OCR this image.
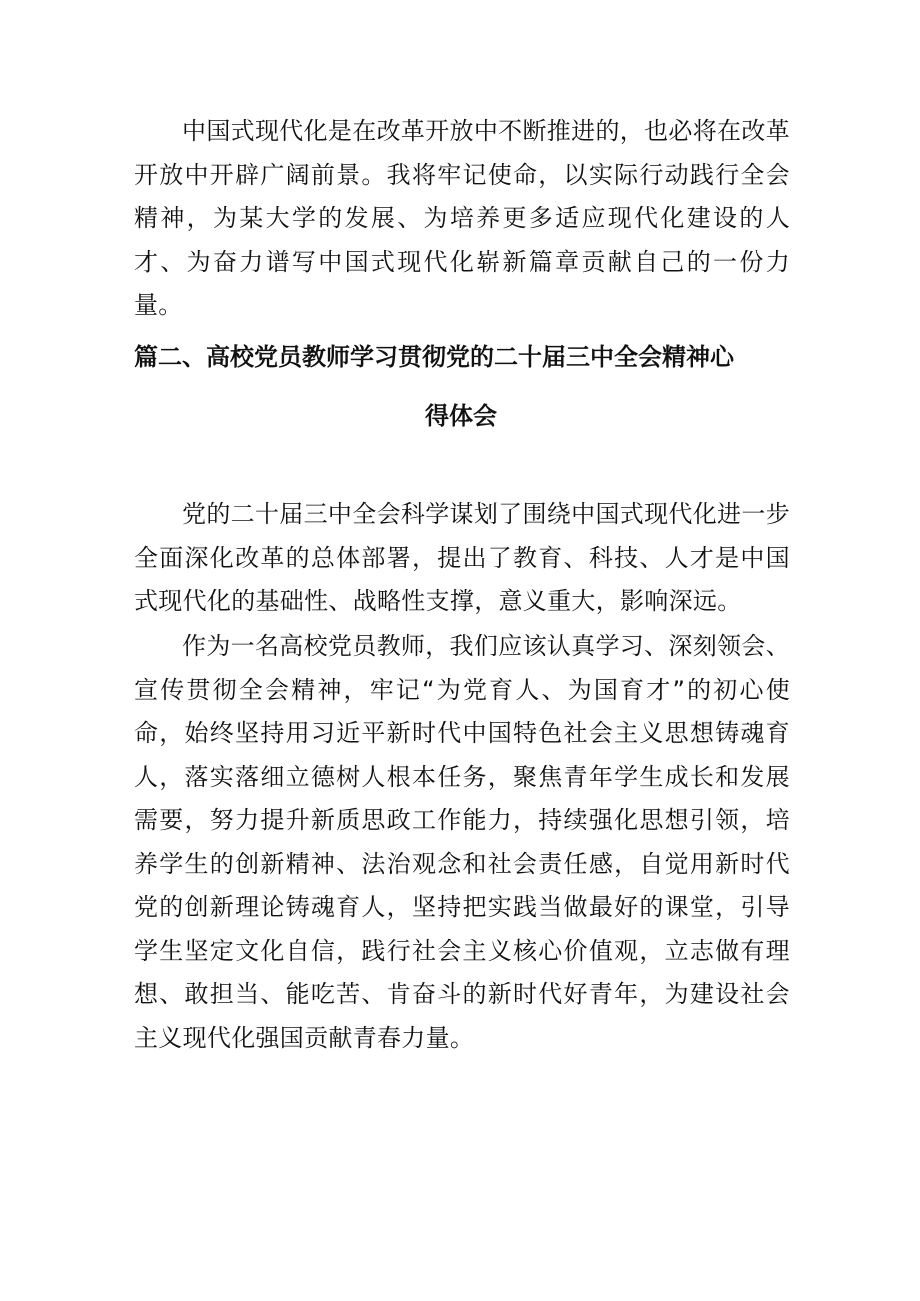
中国式现代化是在改革开放中不断推进的，也必将在改革开放中开辟广阔前景。我将牢记使命，以实际行动践行全会精神，为某大学的发展、为培养更多适应现代化建设的人才、为奋力谱写中国式现代化崭新篇章贡献自己的一份力量。

篇二、高校党员教师学习贯彻党的二十届三中全会精神心
得体会

党的二十届三中全会科学谋划了围绕中国式现代化进一步全面深化改革的总体部署，提出了教育、科技、人才是中国式现代化的基础性、战略性支撑，意义重大，影响深远。

作为一名高校党员教师，我们应该认真学习、深刻领会、宣传贯彻全会精神，牢记“为党育人、为国育才”的初心使命，始终坚持用习近平新时代中国特色社会主义思想铸魂育人，落实落细立德树人根本任务，聚焦青年学生成长和发展需要，努力提升新质思政工作能力，持续强化思想引领，培养学生的创新精神、法治观念和社会责任感，自觉用新时代党的创新理论铸魂育人，坚持把实践当做最好的课堂，引导学生坚定文化自信，践行社会主义核心价值观，立志做有理想、敢担当、能吃苦、肯奋斗的新时代好青年，为建设社会主义现代化强国贡献青春力量。
